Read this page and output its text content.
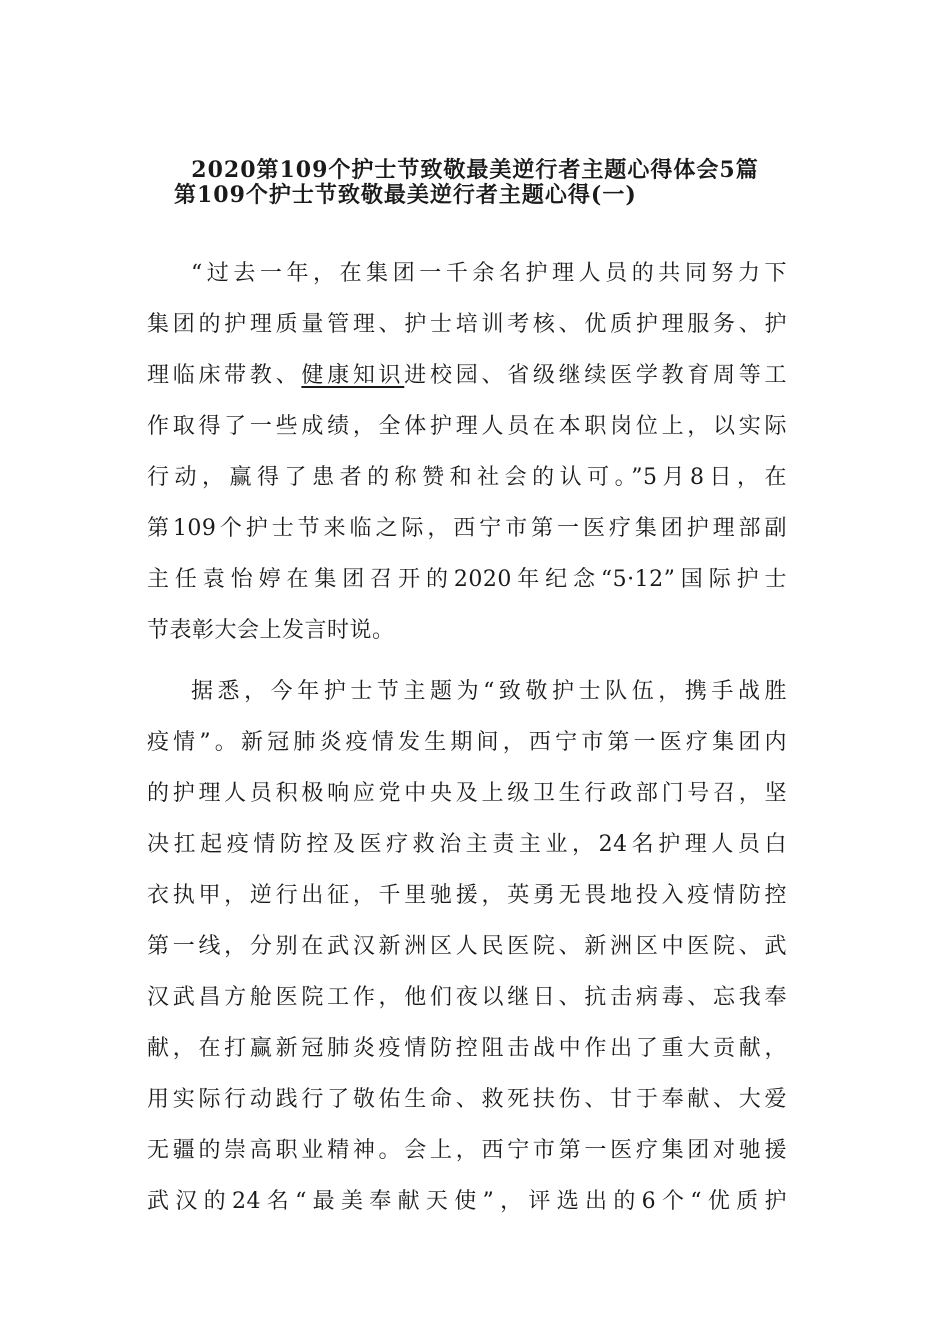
2020第109个护士节致敬最美逆行者主题心得体会5篇
第109个护士节致敬最美逆行者主题心得(一)
“过去一年，在集团一千余名护理人员的共同努力下
集团的护理质量管理、护士培训考核、优质护理服务、护
理临床带教、健康知识进校园、省级继续医学教育周等工
作取得了一些成绩，全体护理人员在本职岗位上，以实际
行动，赢得了患者的称赞和社会的认可。”5月8日，在
第109个护士节来临之际，西宁市第一医疗集团护理部副
主任袁怡婷在集团召开的2020年纪念“5·12”国际护士
节表彰大会上发言时说。
据悉，今年护士节主题为“致敬护士队伍，携手战胜
疫情”。新冠肺炎疫情发生期间，西宁市第一医疗集团内
的护理人员积极响应党中央及上级卫生行政部门号召，坚
决扛起疫情防控及医疗救治主责主业，24名护理人员白
衣执甲，逆行出征，千里驰援，英勇无畏地投入疫情防控
第一线，分别在武汉新洲区人民医院、新洲区中医院、武
汉武昌方舱医院工作，他们夜以继日、抗击病毒、忘我奉
献，在打赢新冠肺炎疫情防控阻击战中作出了重大贡献，
用实际行动践行了敬佑生命、救死扶伤、甘于奉献、大爱
无疆的崇高职业精神。会上，西宁市第一医疗集团对驰援
武汉的24名“最美奉献天使”，评选出的6个“优质护
